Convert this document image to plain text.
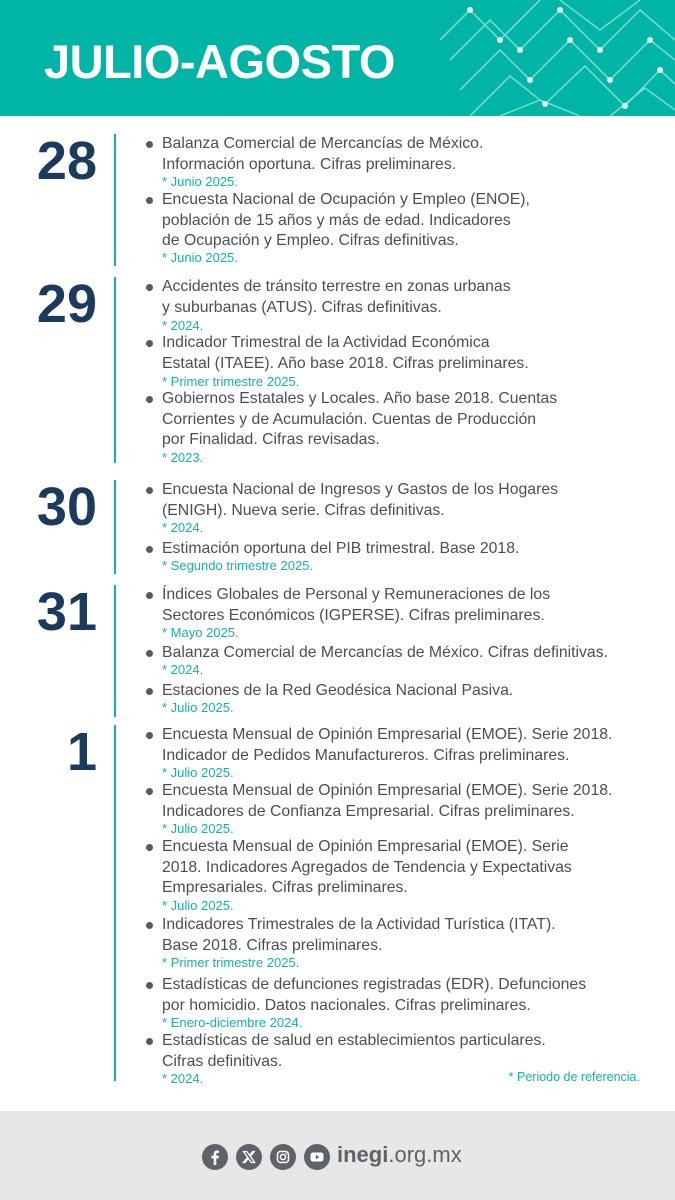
JULIO-AGOSTO
28	Balanza Comercial de Mercancías de México.
Información oportuna. Cifras preliminares.
* Junio 2025.
Encuesta Nacional de Ocupación y Empleo (ENOE),
población de 15 años y más de edad. Indicadores
de Ocupación y Empleo. Cifras definitivas.
* Junio 2025.
29	Accidentes de tránsito terrestre en zonas urbanas
y suburbanas (ATUS). Cifras definitivas.
* 2024.
Indicador Trimestral de la Actividad Económica
Estatal (ITAEE). Año base 2018. Cifras preliminares.
* Primer trimestre 2025.
Gobiernos Estatales y Locales. Año base 2018. Cuentas
Corrientes y de Acumulación. Cuentas de Producción
por Finalidad. Cifras revisadas.
* 2023.
30	Encuesta Nacional de Ingresos y Gastos de los Hogares
(ENIGH). Nueva serie. Cifras definitivas.
* 2024.
Estimación oportuna del PIB trimestral. Base 2018.
* Segundo trimestre 2025.
31	Índices Globales de Personal y Remuneraciones de los
Sectores Económicos (IGPERSE). Cifras preliminares.
* Mayo 2025.
Balanza Comercial de Mercancías de México. Cifras definitivas.
* 2024.
Estaciones de la Red Geodésica Nacional Pasiva.
* Julio 2025.
1	Encuesta Mensual de Opinión Empresarial (EMOE). Serie 2018.
Indicador de Pedidos Manufactureros. Cifras preliminares.
* Julio 2025.
Encuesta Mensual de Opinión Empresarial (EMOE). Serie 2018.
Indicadores de Confianza Empresarial. Cifras preliminares.
* Julio 2025.
Encuesta Mensual de Opinión Empresarial (EMOE). Serie
2018. Indicadores Agregados de Tendencia y Expectativas
Empresariales. Cifras preliminares.
* Julio 2025.
Indicadores Trimestrales de la Actividad Turística (ITAT).
Base 2018. Cifras preliminares.
* Primer trimestre 2025.
Estadísticas de defunciones registradas (EDR). Defunciones
por homicidio. Datos nacionales. Cifras preliminares.
* Enero-diciembre 2024.
Estadísticas de salud en establecimientos particulares.
Cifras definitivas.
* 2024.	* Periodo de referencia.
inegi.org.mx
